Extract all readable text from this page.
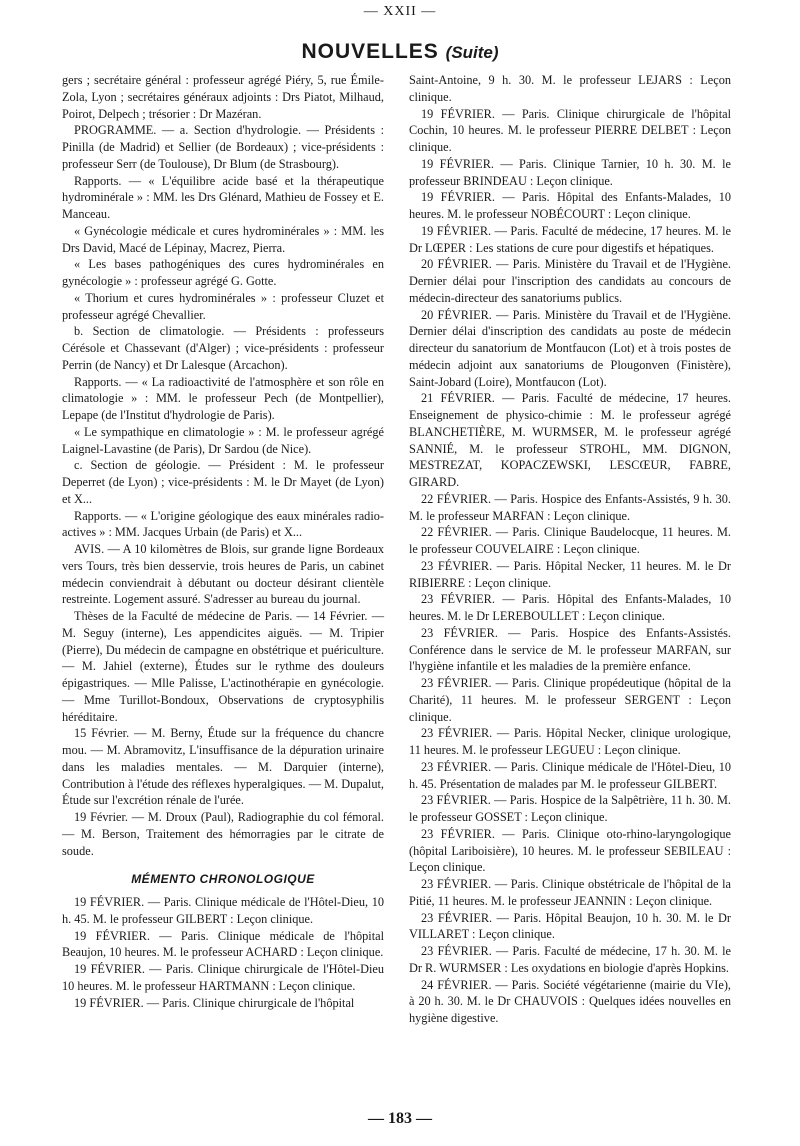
— XXII —
NOUVELLES (Suite)

gers ; secrétaire général : professeur agrégé Piéry, 5, rue Émile-Zola, Lyon ; secrétaires généraux adjoints : Drs Piatot, Milhaud, Poirot, Delpech ; trésorier : Dr Mazéran.

PROGRAMME. — a. Section d'hydrologie. — Présidents : Pinilla (de Madrid) et Sellier (de Bordeaux) ; vice-présidents : professeur Serr (de Toulouse), Dr Blum (de Strasbourg).

Rapports. — « L'équilibre acide basé et la thérapeutique hydrominérale » : MM. les Drs Glénard, Mathieu de Fossey et E. Manceau.

« Gynécologie médicale et cures hydrominérales » : MM. les Drs David, Macé de Lépinay, Macrez, Pierra.

« Les bases pathogéniques des cures hydrominérales en gynécologie » : professeur agrégé G. Gotte.

« Thorium et cures hydrominérales » : professeur Cluzet et professeur agrégé Chevallier.

b. Section de climatologie. — Présidents : professeurs Cérésole et Chassevant (d'Alger) ; vice-présidents : professeur Perrin (de Nancy) et Dr Lalesque (Arcachon).

Rapports. — « La radioactivité de l'atmosphère et son rôle en climatologie » : MM. le professeur Pech (de Montpellier), Lepape (de l'Institut d'hydrologie de Paris).

« Le sympathique en climatologie » : M. le professeur agrégé Laignel-Lavastine (de Paris), Dr Sardou (de Nice).

c. Section de géologie. — Président : M. le professeur Deperret (de Lyon) ; vice-présidents : M. le Dr Mayet (de Lyon) et X...

Rapports. — « L'origine géologique des eaux minérales radio-actives » : MM. Jacques Urbain (de Paris) et X...

AVIS. — A 10 kilomètres de Blois, sur grande ligne Bordeaux vers Tours, très bien desservie, trois heures de Paris, un cabinet médecin conviendrait à débutant ou docteur désirant clientèle restreinte. Logement assuré. S'adresser au bureau du journal.

Thèses de la Faculté de médecine de Paris. — 14 Février. — M. Seguy (interne), Les appendicites aiguës. — M. Tripier (Pierre), Du médecin de campagne en obstétrique et puériculture. — M. Jahiel (externe), Études sur le rythme des douleurs épigastriques. — Mlle Palisse, L'actinothérapie en gynécologie. — Mme Turillot-Bondoux, Observations de cryptosyphilis héréditaire.

15 Février. — M. Berny, Étude sur la fréquence du chancre mou. — M. Abramovitz, L'insuffisance de la dépuration urinaire dans les maladies mentales. — M. Darquier (interne), Contribution à l'étude des réflexes hyperalgiques. — M. Dupalut, Étude sur l'excrétion rénale de l'urée.

19 Février. — M. Droux (Paul), Radiographie du col fémoral. — M. Berson, Traitement des hémorragies par le citrate de soude.

MÉMENTO CHRONOLOGIQUE

19 FÉVRIER. — Paris. Clinique médicale de l'Hôtel-Dieu, 10 h. 45. M. le professeur GILBERT : Leçon clinique.

19 FÉVRIER. — Paris. Clinique médicale de l'hôpital Beaujon, 10 heures. M. le professeur ACHARD : Leçon clinique.

19 FÉVRIER. — Paris. Clinique chirurgicale de l'Hôtel-Dieu 10 heures. M. le professeur HARTMANN : Leçon clinique.

19 FÉVRIER. — Paris. Clinique chirurgicale de l'hôpital

Saint-Antoine, 9 h. 30. M. le professeur LEJARS : Leçon clinique.

19 FÉVRIER. — Paris. Clinique chirurgicale de l'hôpital Cochin, 10 heures. M. le professeur PIERRE DELBET : Leçon clinique.

19 FÉVRIER. — Paris. Clinique Tarnier, 10 h. 30. M. le professeur BRINDEAU : Leçon clinique.

19 FÉVRIER. — Paris. Hôpital des Enfants-Malades, 10 heures. M. le professeur NOBÉCOURT : Leçon clinique.

19 FÉVRIER. — Paris. Faculté de médecine, 17 heures. M. le Dr LŒPER : Les stations de cure pour digestifs et hépatiques.

20 FÉVRIER. — Paris. Ministère du Travail et de l'Hygiène. Dernier délai pour l'inscription des candidats au concours de médecin-directeur des sanatoriums publics.

20 FÉVRIER. — Paris. Ministère du Travail et de l'Hygiène. Dernier délai d'inscription des candidats au poste de médecin directeur du sanatorium de Montfaucon (Lot) et à trois postes de médecin adjoint aux sanatoriums de Plougonven (Finistère), Saint-Jobard (Loire), Montfaucon (Lot).

21 FÉVRIER. — Paris. Faculté de médecine, 17 heures. Enseignement de physico-chimie : M. le professeur agrégé BLANCHETIÈRE, M. WURMSER, M. le professeur agrégé SANNIÉ, M. le professeur STROHL, MM. DIGNON, MESTREZAT, KOPACZEWSKI, LESCŒUR, FABRE, GIRARD.

22 FÉVRIER. — Paris. Hospice des Enfants-Assistés, 9 h. 30. M. le professeur MARFAN : Leçon clinique.

22 FÉVRIER. — Paris. Clinique Baudelocque, 11 heures. M. le professeur COUVELAIRE : Leçon clinique.

23 FÉVRIER. — Paris. Hôpital Necker, 11 heures. M. le Dr RIBIERRE : Leçon clinique.

23 FÉVRIER. — Paris. Hôpital des Enfants-Malades, 10 heures. M. le Dr LEREBOULLET : Leçon clinique.

23 FÉVRIER. — Paris. Hospice des Enfants-Assistés. Conférence dans le service de M. le professeur MARFAN, sur l'hygiène infantile et les maladies de la première enfance.

23 FÉVRIER. — Paris. Clinique propédeutique (hôpital de la Charité), 11 heures. M. le professeur SERGENT : Leçon clinique.

23 FÉVRIER. — Paris. Hôpital Necker, clinique urologique, 11 heures. M. le professeur LEGUEU : Leçon clinique.

23 FÉVRIER. — Paris. Clinique médicale de l'Hôtel-Dieu, 10 h. 45. Présentation de malades par M. le professeur GILBERT.

23 FÉVRIER. — Paris. Hospice de la Salpêtrière, 11 h. 30. M. le professeur GOSSET : Leçon clinique.

23 FÉVRIER. — Paris. Clinique oto-rhino-laryngologique (hôpital Lariboisière), 10 heures. M. le professeur SEBILEAU : Leçon clinique.

23 FÉVRIER. — Paris. Clinique obstétricale de l'hôpital de la Pitié, 11 heures. M. le professeur JEANNIN : Leçon clinique.

23 FÉVRIER. — Paris. Hôpital Beaujon, 10 h. 30. M. le Dr VILLARET : Leçon clinique.

23 FÉVRIER. — Paris. Faculté de médecine, 17 h. 30. M. le Dr R. WURMSER : Les oxydations en biologie d'après Hopkins.

24 FÉVRIER. — Paris. Société végétarienne (mairie du VIe), à 20 h. 30. M. le Dr CHAUVOIS : Quelques idées nouvelles en hygiène digestive.

— 183 —
